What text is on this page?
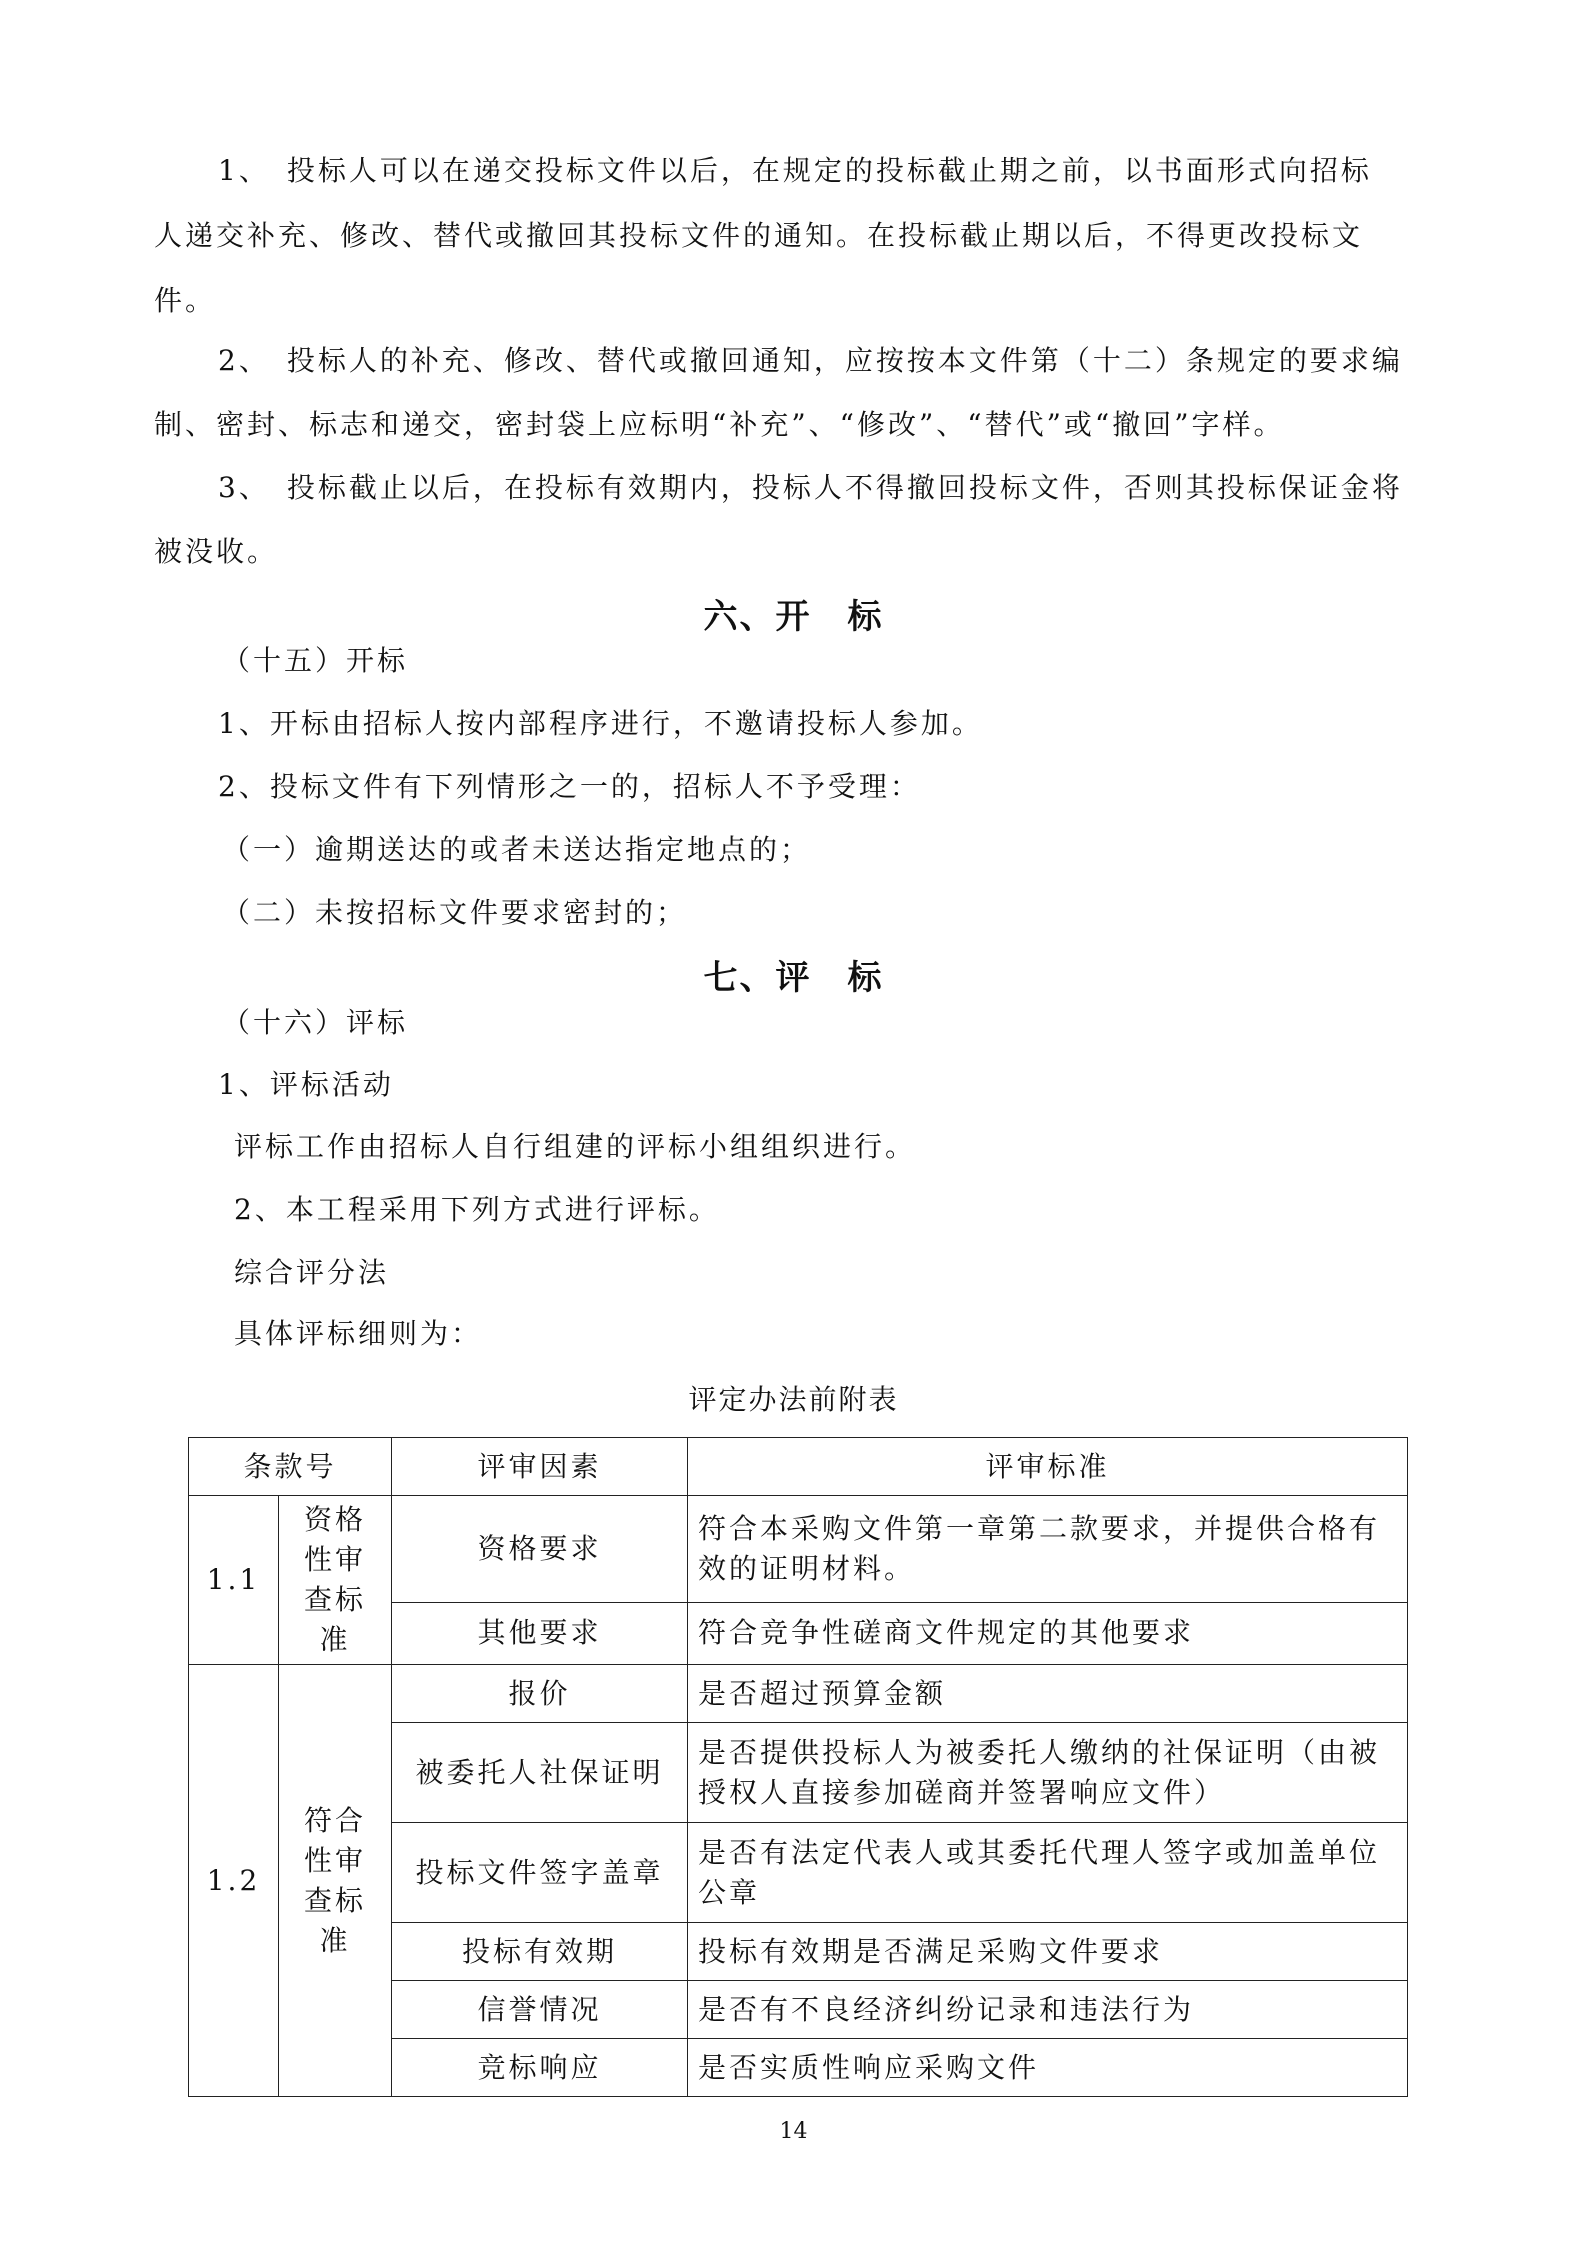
1、　投标人可以在递交投标文件以后，在规定的投标截止期之前，以书面形式向招标
人递交补充、修改、替代或撤回其投标文件的通知。在投标截止期以后，不得更改投标文
件。
2、　投标人的补充、修改、替代或撤回通知，应按按本文件第（十二）条规定的要求编
制、密封、标志和递交，密封袋上应标明“补充”、“修改”、“替代”或“撤回”字样。
3、　投标截止以后，在投标有效期内，投标人不得撤回投标文件，否则其投标保证金将
被没收。
六、开　标
（十五）开标
1、开标由招标人按内部程序进行，不邀请投标人参加。
2、投标文件有下列情形之一的，招标人不予受理：
（一）逾期送达的或者未送达指定地点的；
（二）未按招标文件要求密封的；
七、评　标
（十六）评标
1、评标活动
评标工作由招标人自行组建的评标小组组织进行。
2、本工程采用下列方式进行评标。
综合评分法
具体评标细则为：
评定办法前附表
条款号		评审因素	评审标准
1.1	资格性审查标准	资格要求	符合本采购文件第一章第二款要求，并提供合格有效的证明材料。
		其他要求	符合竞争性磋商文件规定的其他要求
1.2	符合性审查标准	报价	是否超过预算金额
		被委托人社保证明	是否提供投标人为被委托人缴纳的社保证明（由被授权人直接参加磋商并签署响应文件）
		投标文件签字盖章	是否有法定代表人或其委托代理人签字或加盖单位公章
		投标有效期	投标有效期是否满足采购文件要求
		信誉情况	是否有不良经济纠纷记录和违法行为
		竞标响应	是否实质性响应采购文件
14
